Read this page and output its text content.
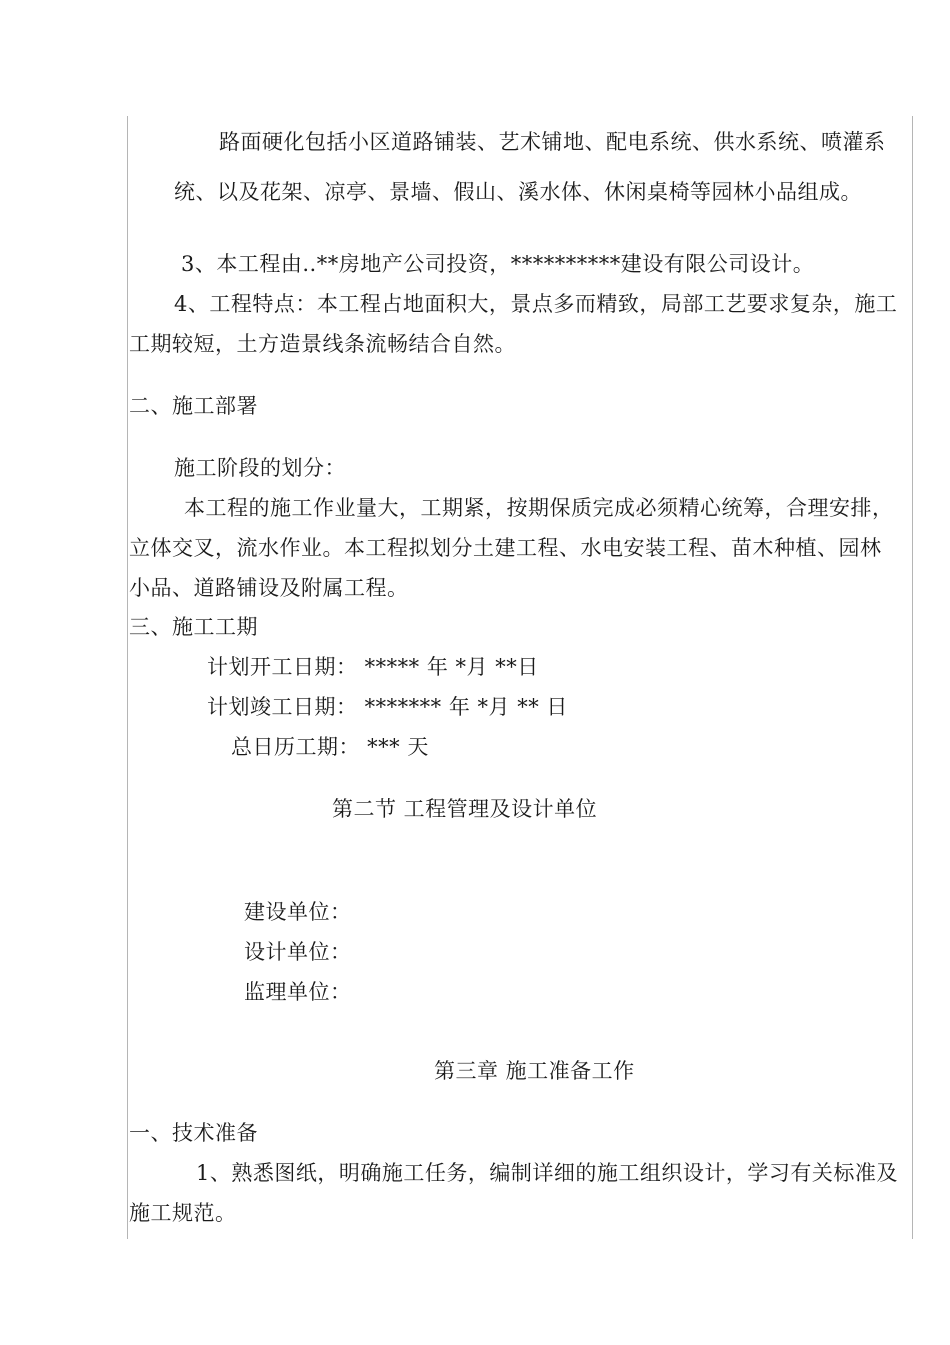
路面硬化包括小区道路铺装、艺术铺地、配电系统、供水系统、喷灌系
统、以及花架、凉亭、景墙、假山、溪水体、休闲桌椅等园林小品组成。
3、本工程由..**房地产公司投资，**********建设有限公司设计。
4、工程特点：本工程占地面积大，景点多而精致，局部工艺要求复杂，施工
工期较短，土方造景线条流畅结合自然。
二、施工部署
施工阶段的划分：
本工程的施工作业量大，工期紧，按期保质完成必须精心统筹，合理安排，
立体交叉，流水作业。本工程拟划分土建工程、水电安装工程、苗木种植、园林
小品、道路铺设及附属工程。
三、施工工期
计划开工日期： ***** 年 *月 **日
计划竣工日期： ******* 年 *月 ** 日
总日历工期： *** 天
第二节 工程管理及设计单位
建设单位：
设计单位：
监理单位：
第三章 施工准备工作
一、技术准备
1、熟悉图纸，明确施工任务，编制详细的施工组织设计，学习有关标准及
施工规范。
